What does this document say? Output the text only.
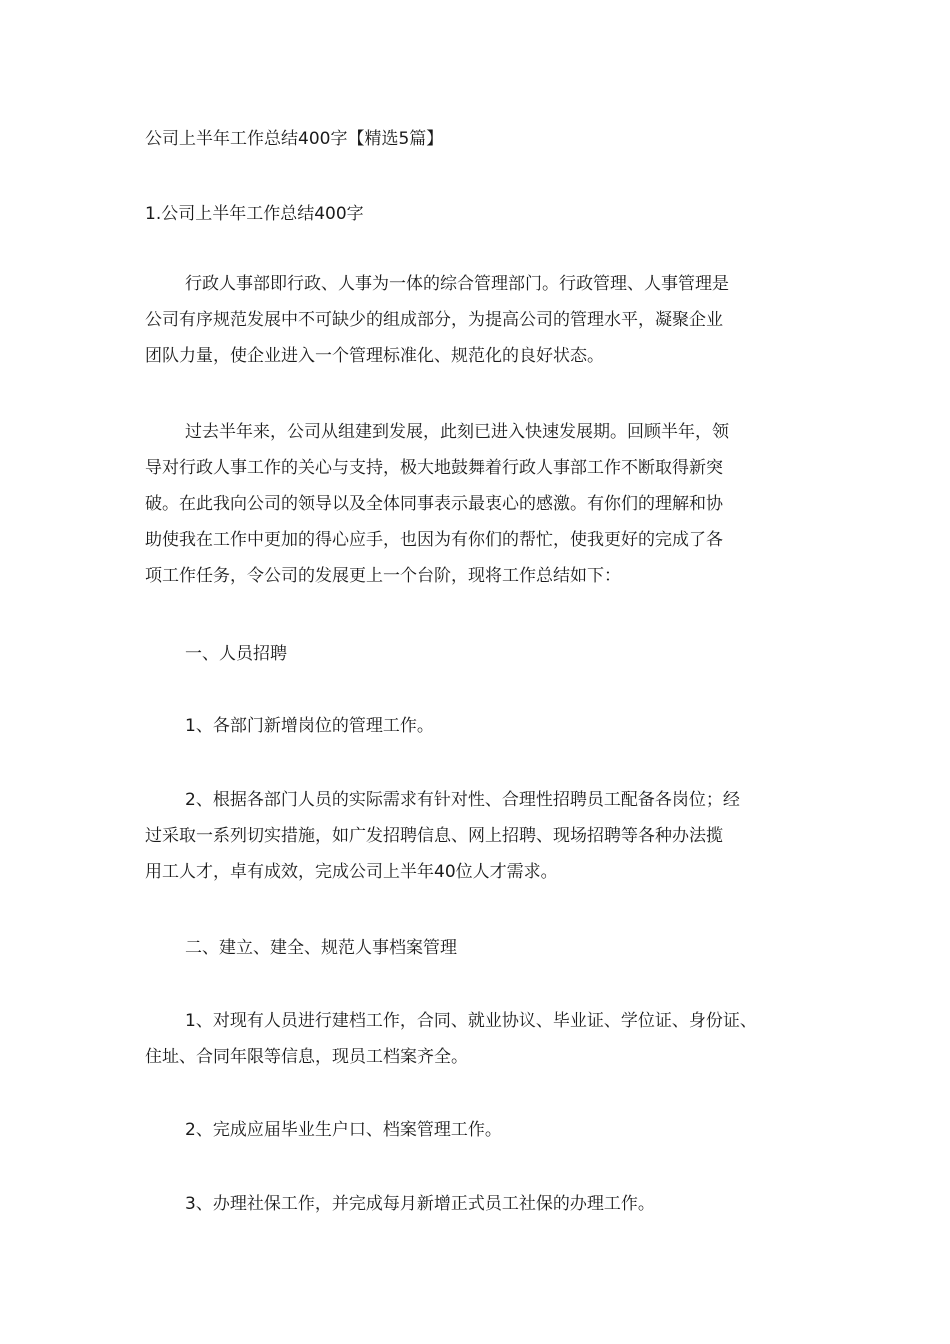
公司上半年工作总结400字【精选5篇】

1.公司上半年工作总结400字

行政人事部即行政、人事为一体的综合管理部门。行政管理、人事管理是

公司有序规范发展中不可缺少的组成部分，为提高公司的管理水平，凝聚企业

团队力量，使企业进入一个管理标准化、规范化的良好状态。

过去半年来，公司从组建到发展，此刻已进入快速发展期。回顾半年，领

导对行政人事工作的关心与支持，极大地鼓舞着行政人事部工作不断取得新突

破。在此我向公司的领导以及全体同事表示最衷心的感激。有你们的理解和协

助使我在工作中更加的得心应手，也因为有你们的帮忙，使我更好的完成了各

项工作任务，令公司的发展更上一个台阶，现将工作总结如下：

一、人员招聘

1、各部门新增岗位的管理工作。

2、根据各部门人员的实际需求有针对性、合理性招聘员工配备各岗位；经

过采取一系列切实措施，如广发招聘信息、网上招聘、现场招聘等各种办法揽

用工人才，卓有成效，完成公司上半年40位人才需求。

二、建立、建全、规范人事档案管理

1、对现有人员进行建档工作，合同、就业协议、毕业证、学位证、身份证、

住址、合同年限等信息，现员工档案齐全。

2、完成应届毕业生户口、档案管理工作。

3、办理社保工作，并完成每月新增正式员工社保的办理工作。
